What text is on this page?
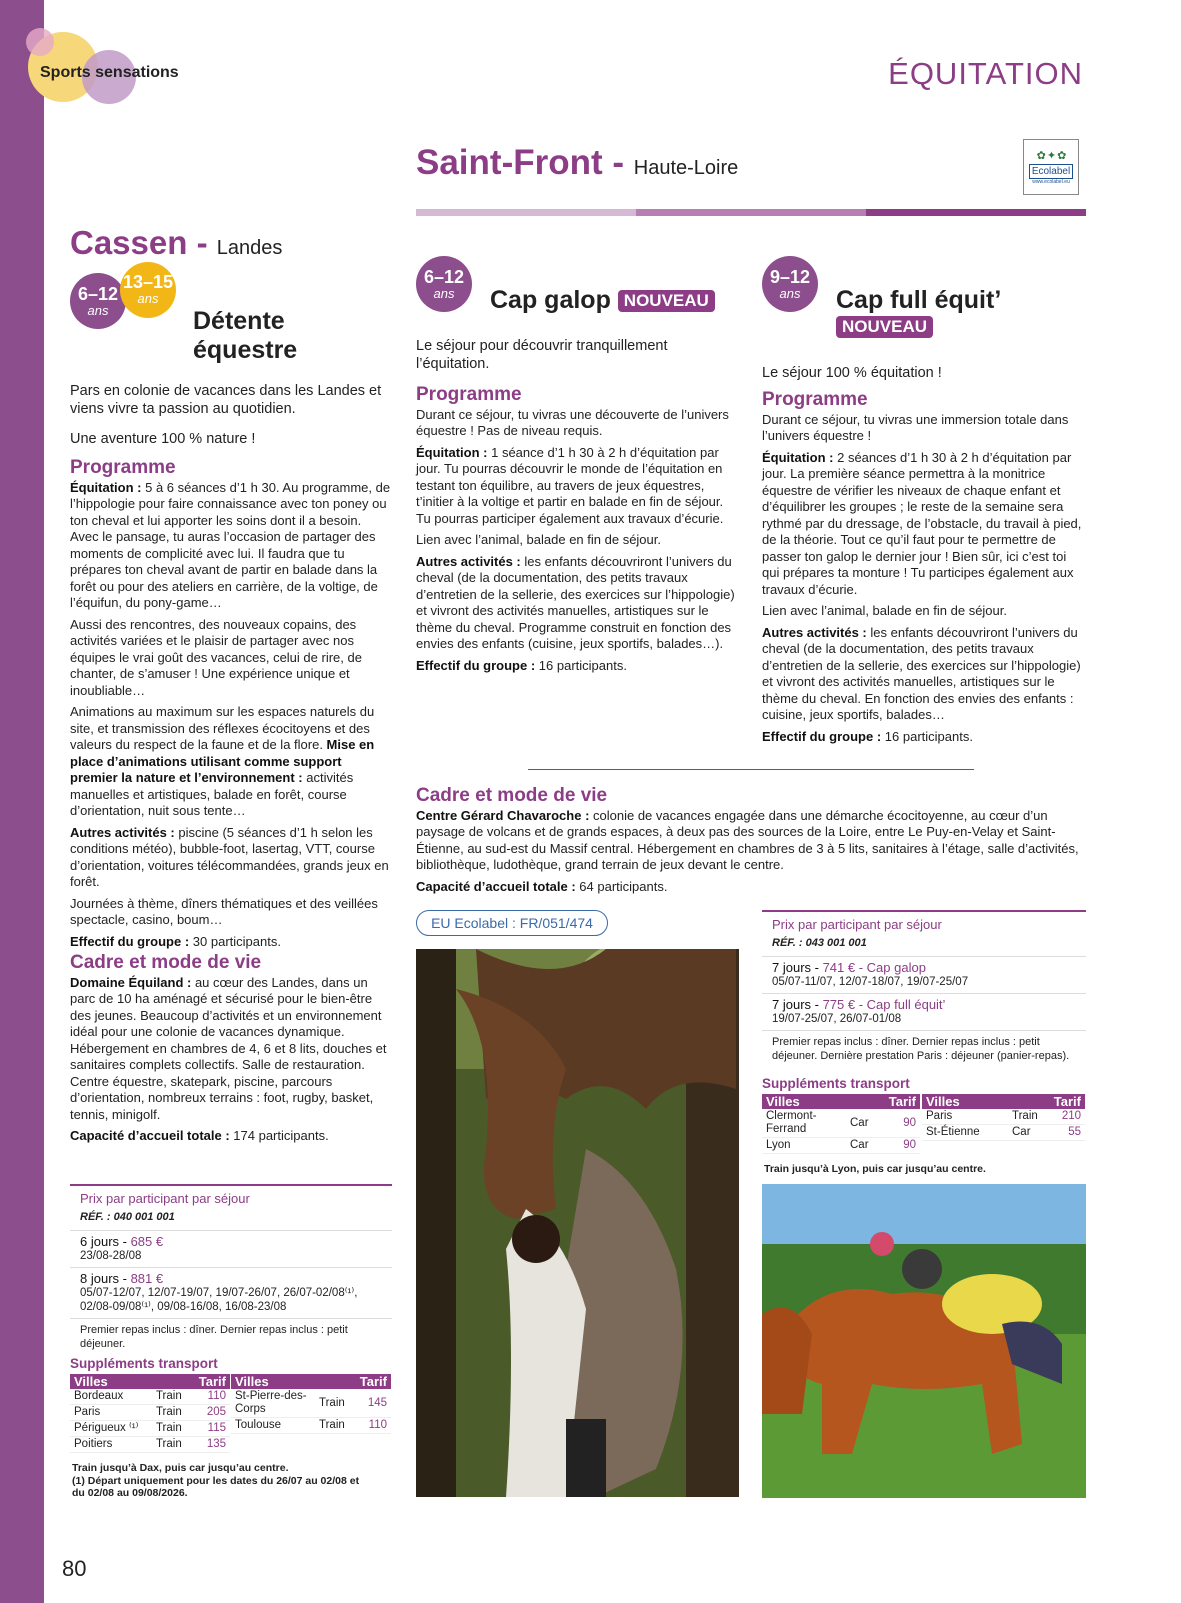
Sports sensations	ÉQUITATION
80
Saint-Front - Haute-Loire
✿ ✦ ✿
Ecolabel
www.ecolabel.eu
Cassen - Landes
6–12
ans
13–15
ans
Détente
équestre

Pars en colonie de vacances dans les Landes et viens vivre ta passion au quotidien.

Une aventure 100 % nature !

Programme

Équitation : 5 à 6 séances d’1 h 30. Au programme, de l’hippologie pour faire connaissance avec ton poney ou ton cheval et lui apporter les soins dont il a besoin. Avec le pansage, tu auras l’occasion de partager des moments de complicité avec lui. Il faudra que tu prépares ton cheval avant de partir en balade dans la forêt ou pour des ateliers en carrière, de la voltige, de l’équifun, du pony-game…

Aussi des rencontres, des nouveaux copains, des activités variées et le plaisir de partager avec nos équipes le vrai goût des vacances, celui de rire, de chanter, de s’amuser ! Une expérience unique et inoubliable…

Animations au maximum sur les espaces naturels du site, et transmission des réflexes écocitoyens et des valeurs du respect de la faune et de la flore. Mise en place d’animations utilisant comme support premier la nature et l’environnement : activités manuelles et artistiques, balade en forêt, course d’orientation, nuit sous tente…

Autres activités : piscine (5 séances d’1 h selon les conditions météo), bubble-foot, lasertag, VTT, course d’orientation, voitures télécommandées, grands jeux en forêt.

Journées à thème, dîners thématiques et des veillées spectacle, casino, boum…

Effectif du groupe : 30 participants.

Cadre et mode de vie

Domaine Équiland : au cœur des Landes, dans un parc de 10 ha aménagé et sécurisé pour le bien-être des jeunes. Beaucoup d’activités et un environnement idéal pour une colonie de vacances dynamique. Hébergement en chambres de 4, 6 et 8 lits, douches et sanitaires complets collectifs. Salle de restauration. Centre équestre, skatepark, piscine, parcours d’orientation, nombreux terrains : foot, rugby, basket, tennis, minigolf.

Capacité d’accueil totale : 174 participants.

Prix par participant par séjour
RÉF. : 040 001 001
6 jours - 685 €
23/08-28/08
8 jours - 881 €
05/07-12/07, 12/07-19/07, 19/07-26/07, 26/07-02/08⁽¹⁾, 02/08-09/08⁽¹⁾, 09/08-16/08, 16/08-23/08
Premier repas inclus : dîner. Dernier repas inclus : petit déjeuner.
Suppléments transport
Villes		Tarif
Bordeaux	Train	110
Paris	Train	205
Périgueux ⁽¹⁾	Train	115
Poitiers	Train	135
Villes		Tarif
St-Pierre-des-Corps	Train	145
Toulouse	Train	110
Train jusqu’à Dax, puis car jusqu’au centre.
(1) Départ uniquement pour les dates du 26/07 au 02/08 et du 02/08 au 09/08/2026.
6–12
ans	Cap galop NOUVEAU

Le séjour pour découvrir tranquillement l’équitation.

Programme

Durant ce séjour, tu vivras une découverte de l’univers équestre ! Pas de niveau requis.

Équitation : 1 séance d’1 h 30 à 2 h d’équitation par jour. Tu pourras découvrir le monde de l’équitation en testant ton équilibre, au travers de jeux équestres, t’initier à la voltige et partir en balade en fin de séjour. Tu pourras participer également aux travaux d’écurie.

Lien avec l’animal, balade en fin de séjour.

Autres activités : les enfants découvriront l’univers du cheval (de la documentation, des petits travaux d’entretien de la sellerie, des exercices sur l’hippologie) et vivront des activités manuelles, artistiques sur le thème du cheval. Programme construit en fonction des envies des enfants (cuisine, jeux sportifs, balades…).

Effectif du groupe : 16 participants.

9–12
ans	Cap full équit’
NOUVEAU

Le séjour 100 % équitation !

Programme

Durant ce séjour, tu vivras une immersion totale dans l’univers équestre !

Équitation : 2 séances d’1 h 30 à 2 h d’équitation par jour. La première séance permettra à la monitrice équestre de vérifier les niveaux de chaque enfant et d’équilibrer les groupes ; le reste de la semaine sera rythmé par du dressage, de l’obstacle, du travail à pied, de la théorie. Tout ce qu’il faut pour te permettre de passer ton galop le dernier jour ! Bien sûr, ici c’est toi qui prépares ta monture ! Tu participes également aux travaux d’écurie.

Lien avec l’animal, balade en fin de séjour.

Autres activités : les enfants découvriront l’univers du cheval (de la documentation, des petits travaux d’entretien de la sellerie, des exercices sur l’hippologie) et vivront des activités manuelles, artistiques sur le thème du cheval. En fonction des envies des enfants : cuisine, jeux sportifs, balades…

Effectif du groupe : 16 participants.

Cadre et mode de vie

Centre Gérard Chavaroche : colonie de vacances engagée dans une démarche écocitoyenne, au cœur d’un paysage de volcans et de grands espaces, à deux pas des sources de la Loire, entre Le Puy-en-Velay et Saint-Étienne, au sud-est du Massif central. Hébergement en chambres de 3 à 5 lits, sanitaires à l’étage, salle d’activités, bibliothèque, ludothèque, grand terrain de jeux devant le centre.

Capacité d’accueil totale : 64 participants.

EU Ecolabel : FR/051/474	Prix par participant par séjour
RÉF. : 043 001 001
7 jours - 741 € - Cap galop
05/07-11/07, 12/07-18/07, 19/07-25/07
7 jours - 775 € - Cap full équit’
19/07-25/07, 26/07-01/08
Premier repas inclus : dîner. Dernier repas inclus : petit déjeuner. Dernière prestation Paris : déjeuner (panier-repas).
Suppléments transport
Villes		Tarif
Clermont-Ferrand	Car	90
Lyon	Car	90
Villes		Tarif
Paris	Train	210
St-Étienne	Car	55
Train jusqu’à Lyon, puis car jusqu’au centre.
